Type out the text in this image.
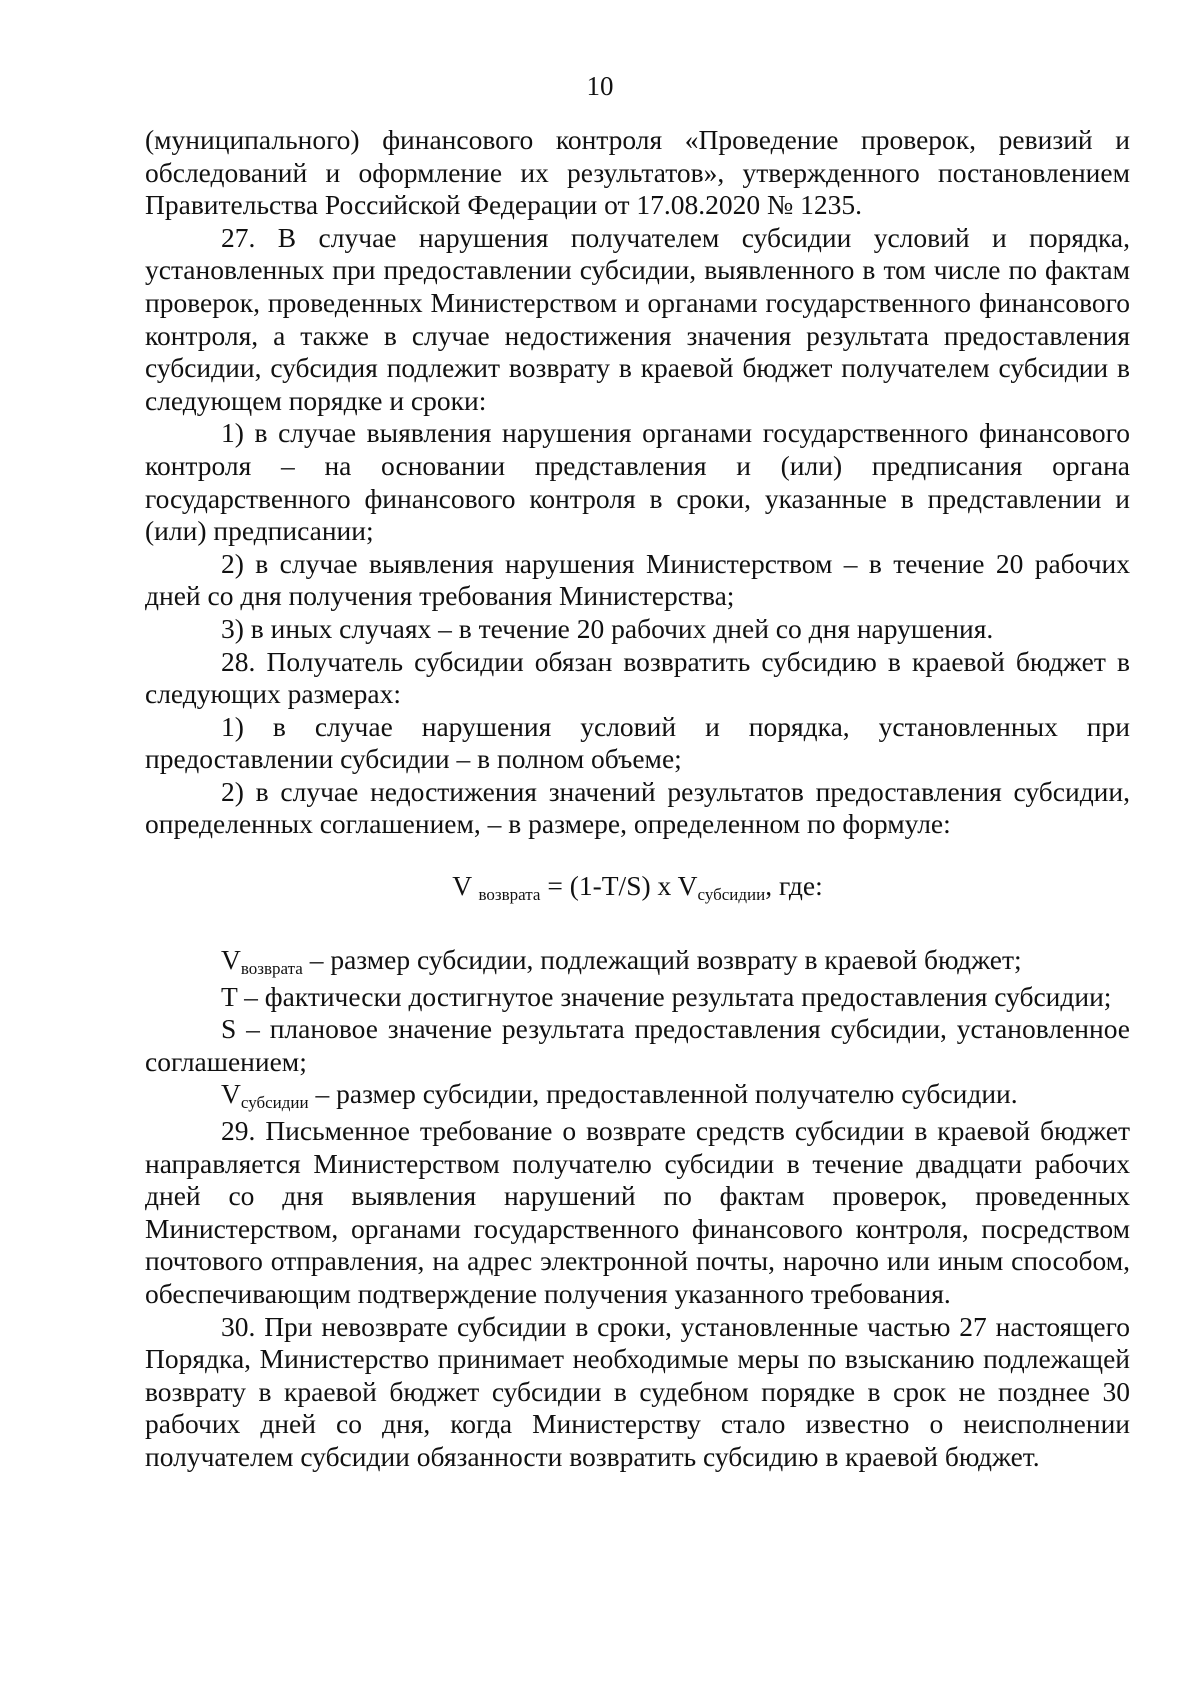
10

(муниципального) финансового контроля «Проведение проверок, ревизий и обследований и оформление их результатов», утвержденного постановлением Правительства Российской Федерации от 17.08.2020 № 1235.

27. В случае нарушения получателем субсидии условий и порядка, установленных при предоставлении субсидии, выявленного в том числе по фактам проверок, проведенных Министерством и органами государственного финансового контроля, а также в случае недостижения значения результата предоставления субсидии, субсидия подлежит возврату в краевой бюджет получателем субсидии в следующем порядке и сроки:

1) в случае выявления нарушения органами государственного финансового контроля – на основании представления и (или) предписания органа государственного финансового контроля в сроки, указанные в представлении и (или) предписании;

2) в случае выявления нарушения Министерством – в течение 20 рабочих дней со дня получения требования Министерства;

3) в иных случаях – в течение 20 рабочих дней со дня нарушения.

28. Получатель субсидии обязан возвратить субсидию в краевой бюджет в следующих размерах:

1) в случае нарушения условий и порядка, установленных при предоставлении субсидии – в полном объеме;

2) в случае недостижения значений результатов предоставления субсидии, определенных соглашением, – в размере, определенном по формуле:

V возврата = (1-T/S) x Vсубсидии, где:

Vвозврата – размер субсидии, подлежащий возврату в краевой бюджет;

T – фактически достигнутое значение результата предоставления субсидии;

S – плановое значение результата предоставления субсидии, установленное соглашением;

Vсубсидии – размер субсидии, предоставленной получателю субсидии.

29. Письменное требование о возврате средств субсидии в краевой бюджет направляется Министерством получателю субсидии в течение двадцати рабочих дней со дня выявления нарушений по фактам проверок, проведенных Министерством, органами государственного финансового контроля, посредством почтового отправления, на адрес электронной почты, нарочно или иным способом, обеспечивающим подтверждение получения указанного требования.

30. При невозврате субсидии в сроки, установленные частью 27 настоящего Порядка, Министерство принимает необходимые меры по взысканию подлежащей возврату в краевой бюджет субсидии в судебном порядке в срок не позднее 30 рабочих дней со дня, когда Министерству стало известно о неисполнении получателем субсидии обязанности возвратить субсидию в краевой бюджет.
